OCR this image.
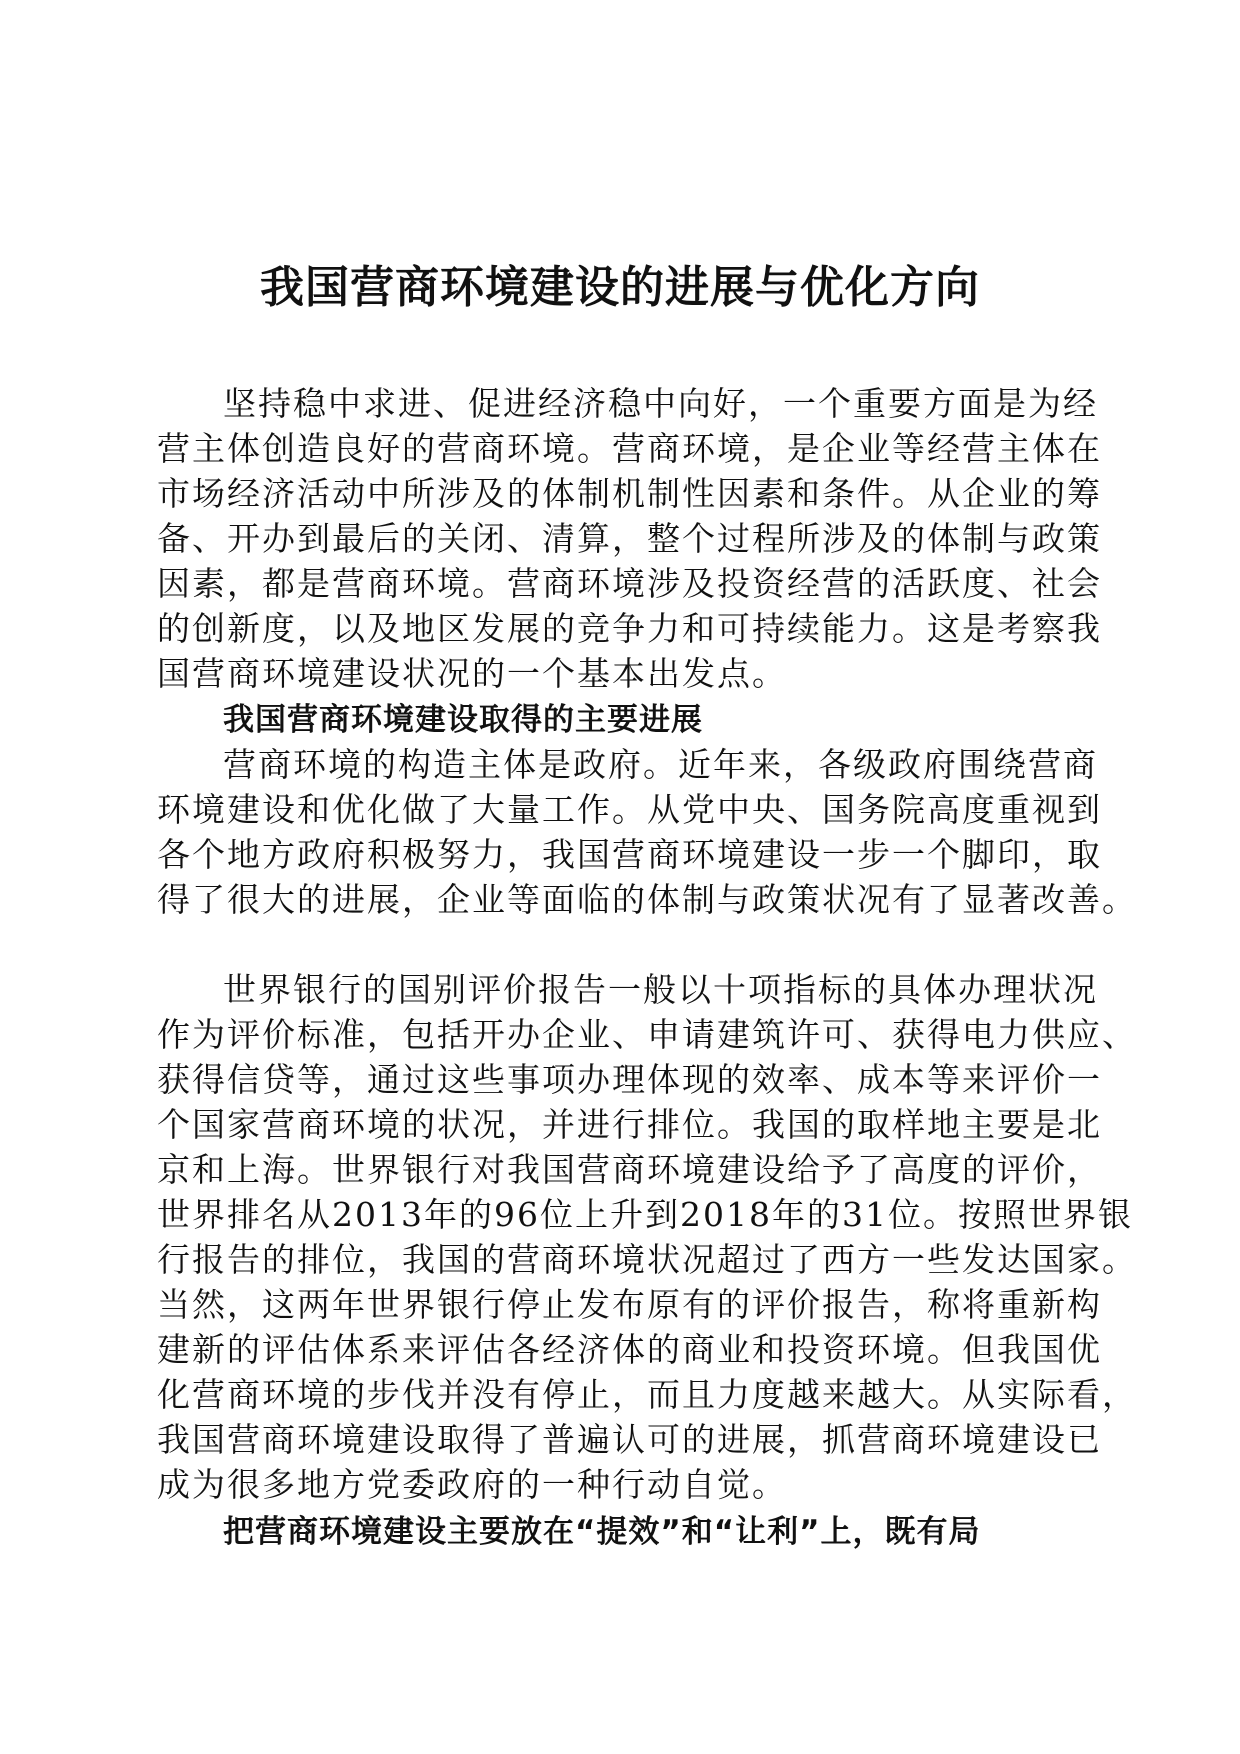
我国营商环境建设的进展与优化方向
坚持稳中求进、促进经济稳中向好，一个重要方面是为经
营主体创造良好的营商环境。营商环境，是企业等经营主体在
市场经济活动中所涉及的体制机制性因素和条件。从企业的筹
备、开办到最后的关闭、清算，整个过程所涉及的体制与政策
因素，都是营商环境。营商环境涉及投资经营的活跃度、社会
的创新度，以及地区发展的竞争力和可持续能力。这是考察我
国营商环境建设状况的一个基本出发点。
我国营商环境建设取得的主要进展
营商环境的构造主体是政府。近年来，各级政府围绕营商
环境建设和优化做了大量工作。从党中央、国务院高度重视到
各个地方政府积极努力，我国营商环境建设一步一个脚印，取
得了很大的进展，企业等面临的体制与政策状况有了显著改善。
世界银行的国别评价报告一般以十项指标的具体办理状况
作为评价标准，包括开办企业、申请建筑许可、获得电力供应、
获得信贷等，通过这些事项办理体现的效率、成本等来评价一
个国家营商环境的状况，并进行排位。我国的取样地主要是北
京和上海。世界银行对我国营商环境建设给予了高度的评价，
世界排名从2013年的96位上升到2018年的31位。按照世界银
行报告的排位，我国的营商环境状况超过了西方一些发达国家。
当然，这两年世界银行停止发布原有的评价报告，称将重新构
建新的评估体系来评估各经济体的商业和投资环境。但我国优
化营商环境的步伐并没有停止，而且力度越来越大。从实际看，
我国营商环境建设取得了普遍认可的进展，抓营商环境建设已
成为很多地方党委政府的一种行动自觉。
把营商环境建设主要放在“提效”和“让利”上，既有局
